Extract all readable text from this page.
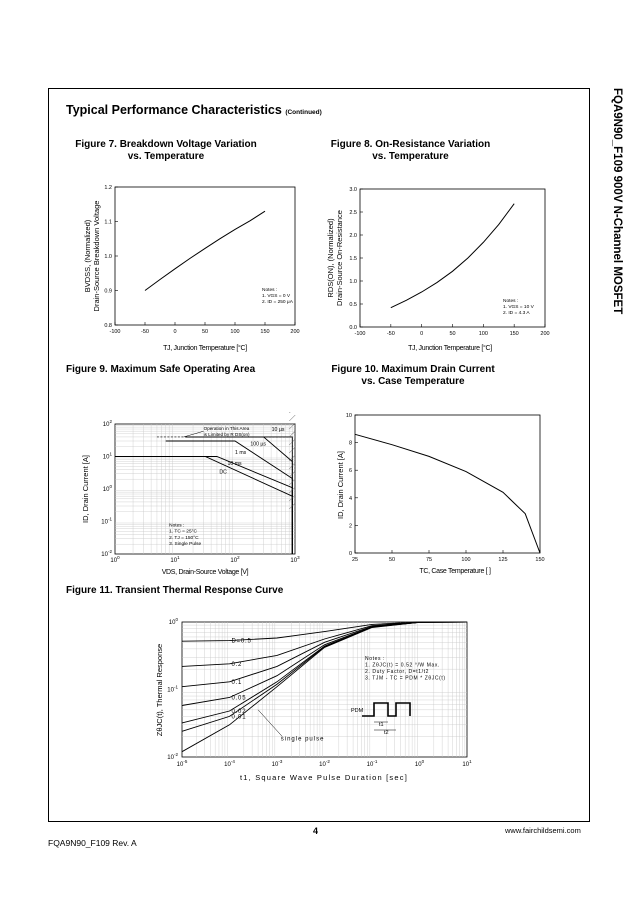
FQA9N90_F109 900V N-Channel MOSFET
Typical Performance Characteristics (Continued)
Figure 7. Breakdown Voltage Variation
vs. Temperature
Figure 8. On-Resistance Variation
vs. Temperature
Figure 9. Maximum Safe Operating Area	Figure 10. Maximum Drain Current
vs. Case Temperature
Figure 11. Transient Thermal Response Curve
-100	-50	0	50	100	150	200
0.8
0.9
1.0
1.1
1.2
Notes :
1. VGS = 0 V
2. ID = 250 μA
TJ, Junction Temperature [°C]
BVDSS, (Normalized) Drain-Source Breakdown Voltage
-100	-50	0	50	100	150	200
0.0
0.5
1.0
1.5
2.0
2.5
3.0
Notes :
1. VGS = 10 V
2. ID = 4.3 A
TJ, Junction Temperature [°C]
RDS(ON), (Normalized) Drain-Source On-Resistance
$10^0$
$10^1$
$10^2$
$10^3$
$10^{-2}$
$10^{-1}$
$10^0$
$10^1$
$10^2$
Operation in This Area
is Limited by R DS(on)
10 µs
100 µs
1 ms
10 ms
DC
Notes :
1. TC = 25°C
2. TJ = 150°C
3. Single Pulse
VDS, Drain-Source Voltage [V]
ID, Drain Current [A]
25	50	75	100	125	150
0
2
4
6
8
10
TC, Case Temperature [ ]
ID, Drain Current [A]
$10^{-5}$
$10^{-4}$
$10^{-3}$
$10^{-2}$
$10^{-1}$
$10^0$
$10^1$
$10^{-2}$
$10^{-1}$
$10^0$
D=0.5
0.2
0.1
0.05
0.02
0.01
single pulse
Notes :
1. ZθJC(t) = 0.52 °/W Max.
2. Duty Factor, D=t1/t2
3. TJM - TC = PDM * ZθJC(t)
PDM
t1
t2
t1, Square Wave Pulse Duration [sec]
ZθJC(t), Thermal Response
4	www.fairchildsemi.com
FQA9N90_F109 Rev. A
